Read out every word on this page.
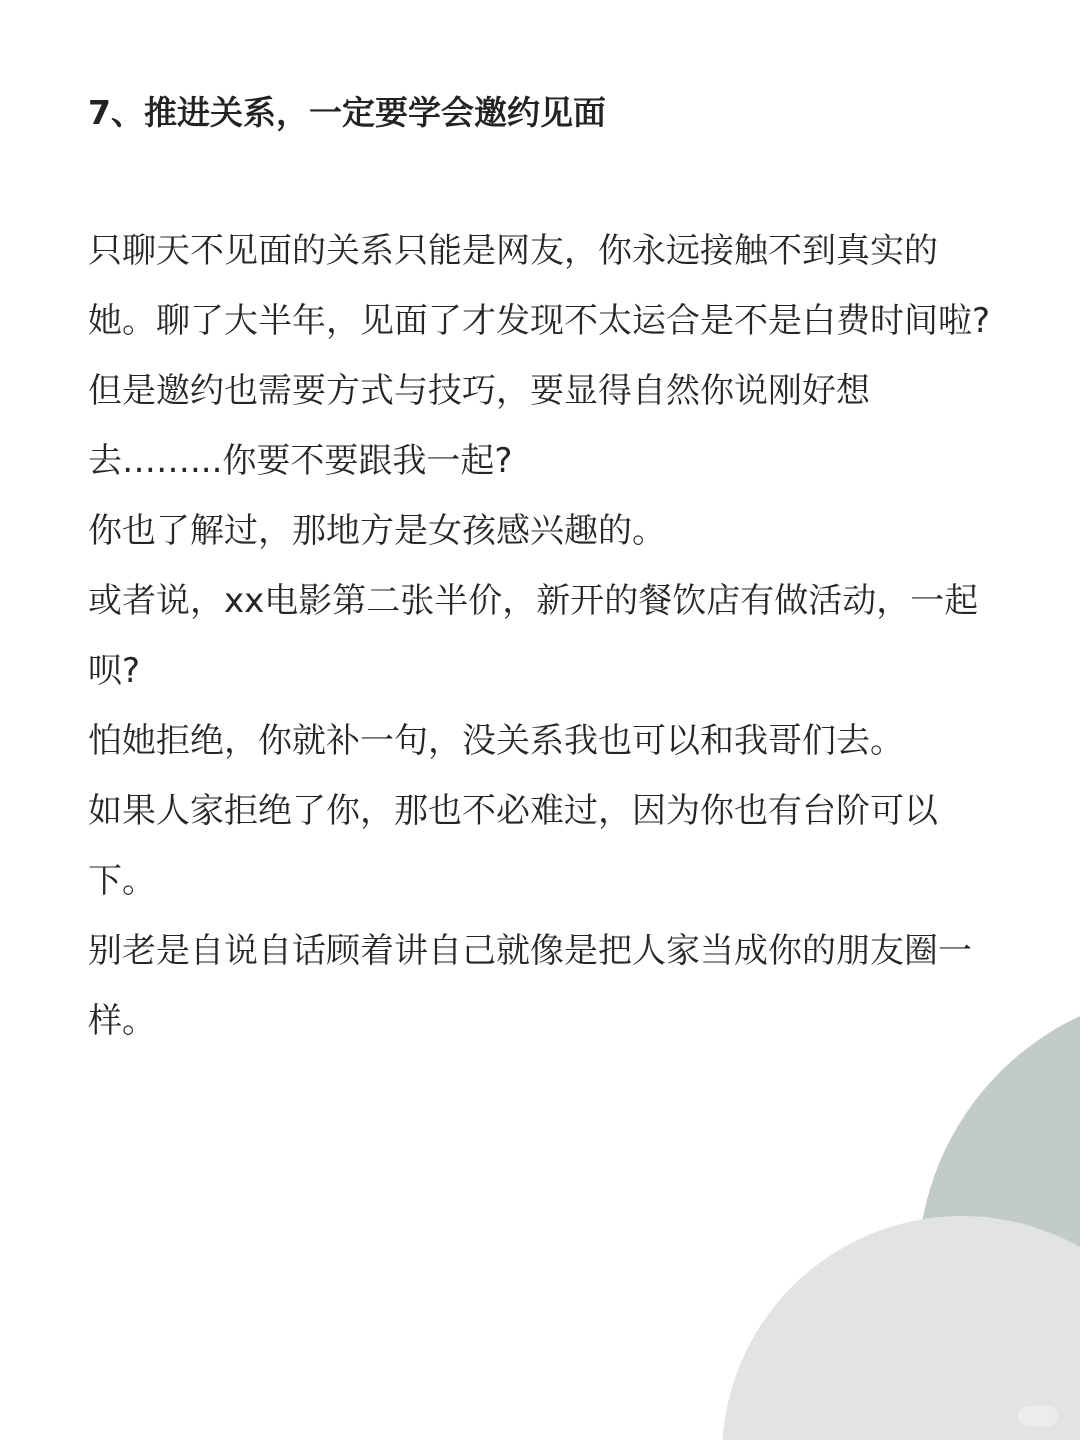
7、推进关系，一定要学会邀约见面

只聊天不见面的关系只能是网友，你永远接触不到真实的她。聊了大半年，见面了才发现不太运合是不是白费时间啦?

但是邀约也需要方式与技巧，要显得自然你说刚好想去……...你要不要跟我一起?

你也了解过，那地方是女孩感兴趣的。

或者说，xx电影第二张半价，新开的餐饮店有做活动，一起呗?

怕她拒绝，你就补一句，没关系我也可以和我哥们去。

如果人家拒绝了你，那也不必难过，因为你也有台阶可以下。

别老是自说自话顾着讲自己就像是把人家当成你的朋友圈一样。
